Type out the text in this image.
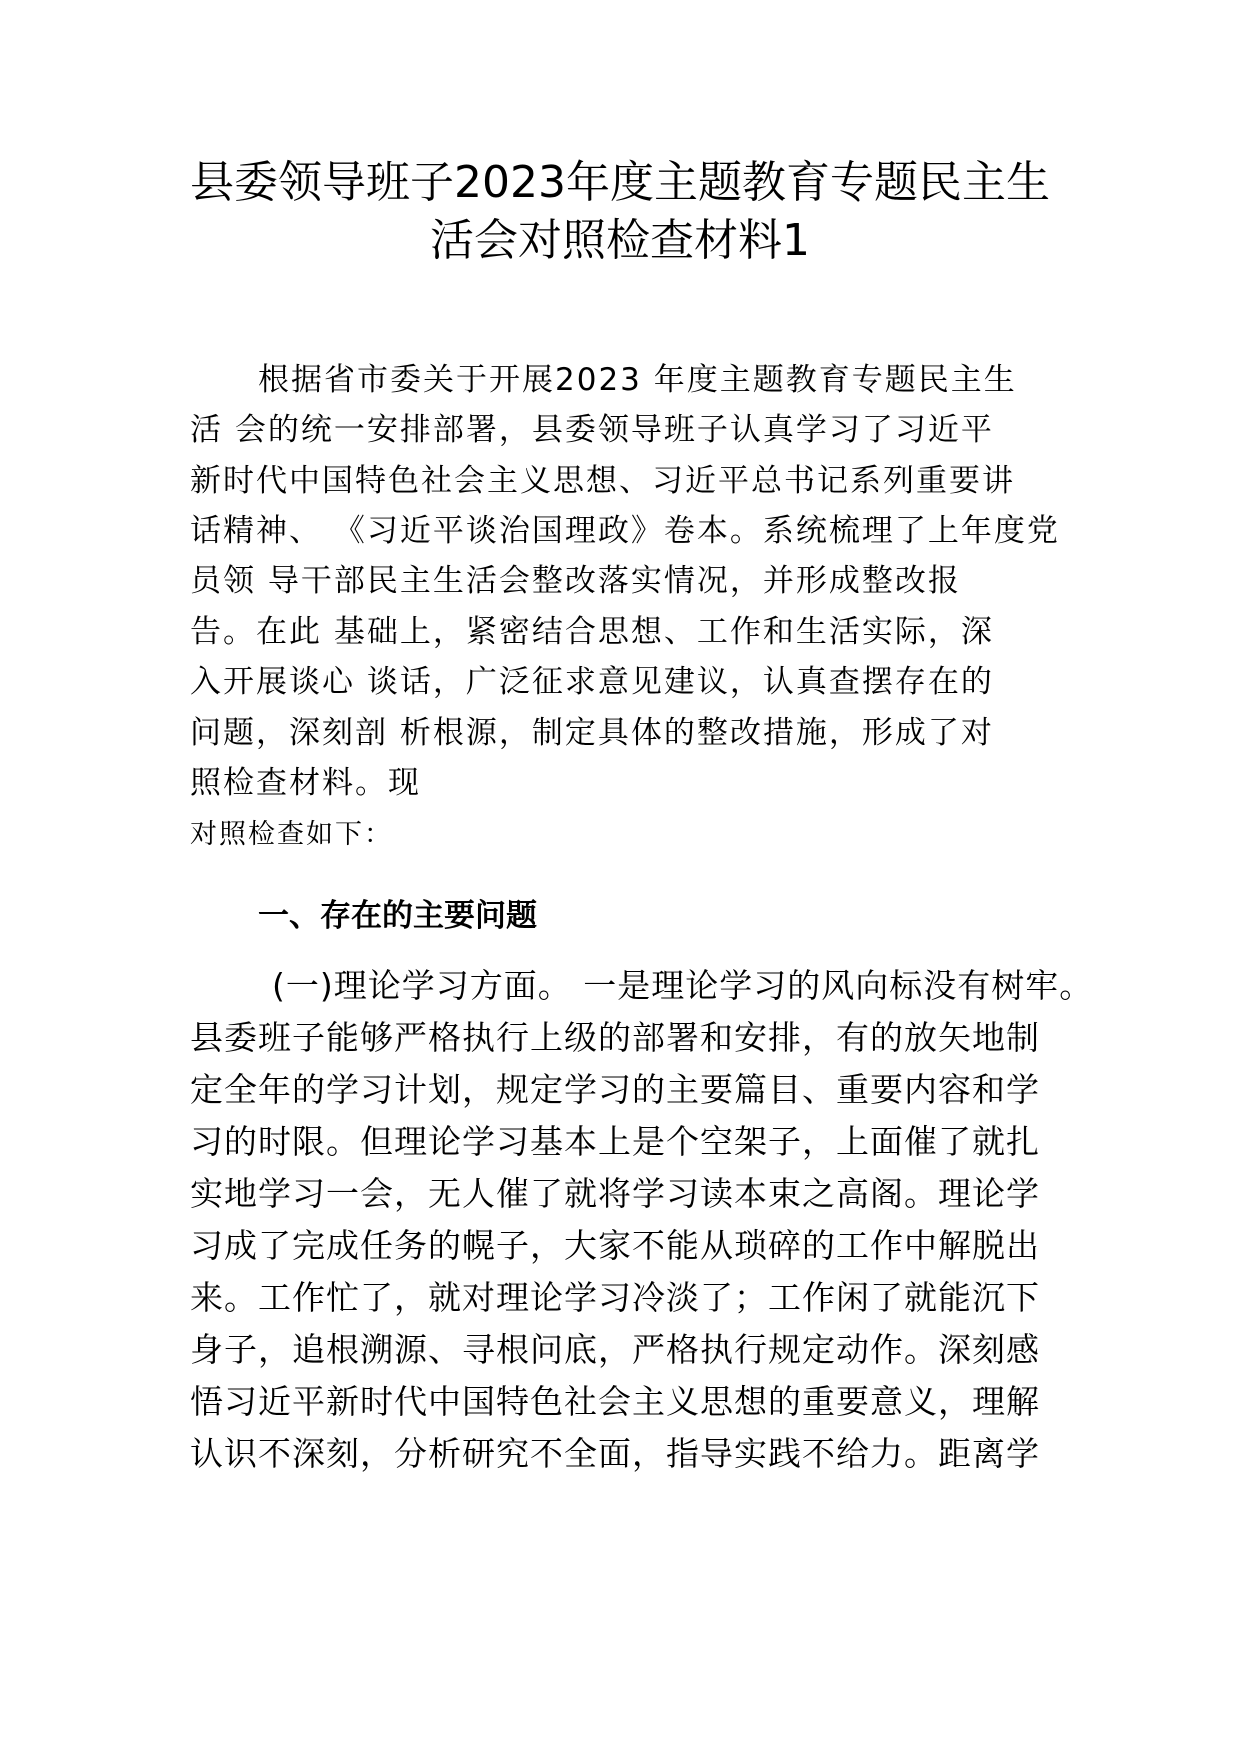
县委领导班子2023年度主题教育专题民主生
活会对照检查材料1
根据省市委关于开展2023 年度主题教育专题民主生
活 会的统一安排部署，县委领导班子认真学习了习近平
新时代中国特色社会主义思想、习近平总书记系列重要讲
话精神、 《习近平谈治国理政》卷本。系统梳理了上年度党
员领 导干部民主生活会整改落实情况，并形成整改报
告。在此 基础上，紧密结合思想、工作和生活实际，深
入开展谈心 谈话，广泛征求意见建议，认真查摆存在的
问题，深刻剖 析根源，制定具体的整改措施，形成了对
照检查材料。现
对照检查如下：
一、存在的主要问题
(一)理论学习方面。 一是理论学习的风向标没有树牢。
县委班子能够严格执行上级的部署和安排，有的放矢地制
定全年的学习计划，规定学习的主要篇目、重要内容和学
习的时限。但理论学习基本上是个空架子，上面催了就扎
实地学习一会，无人催了就将学习读本束之高阁。理论学
习成了完成任务的幌子，大家不能从琐碎的工作中解脱出
来。工作忙了，就对理论学习冷淡了；工作闲了就能沉下
身子，追根溯源、寻根问底，严格执行规定动作。深刻感
悟习近平新时代中国特色社会主义思想的重要意义，理解
认识不深刻，分析研究不全面，指导实践不给力。距离学
